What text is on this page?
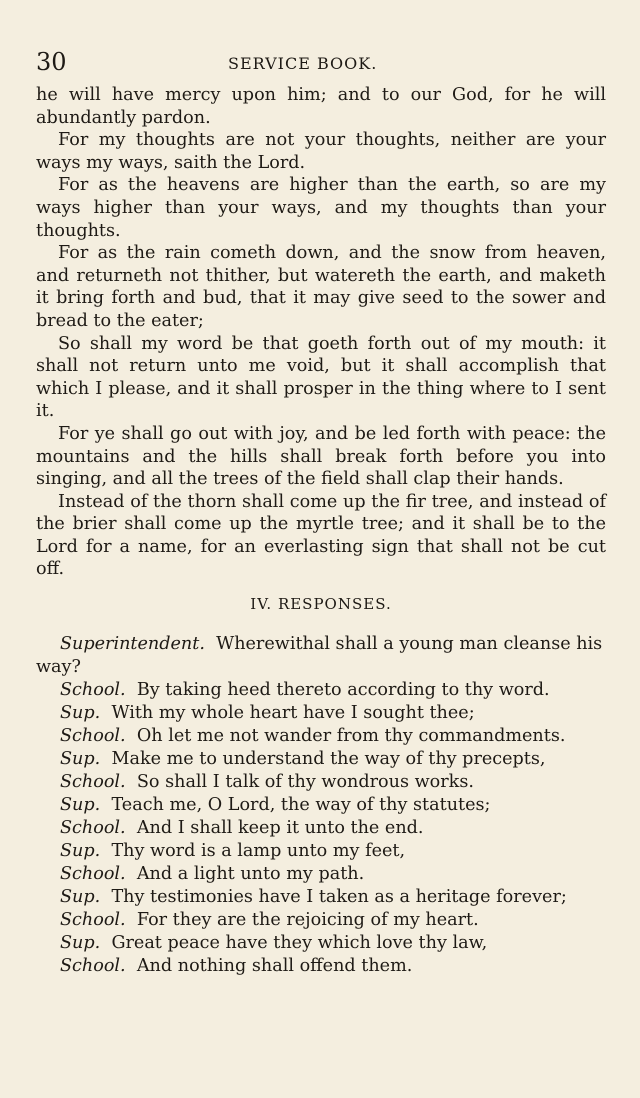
30	SERVICE BOOK.

he will have mercy upon him; and to our God, for he will abundantly pardon.

For my thoughts are not your thoughts, neither are your ways my ways, saith the Lord.

For as the heavens are higher than the earth, so are my ways higher than your ways, and my thoughts than your thoughts.

For as the rain cometh down, and the snow from heaven, and returneth not thither, but watereth the earth, and maketh it bring forth and bud, that it may give seed to the sower and bread to the eater;

So shall my word be that goeth forth out of my mouth: it shall not return unto me void, but it shall accomplish that which I please, and it shall prosper in the thing where to I sent it.

For ye shall go out with joy, and be led forth with peace: the mountains and the hills shall break forth before you into singing, and all the trees of the field shall clap their hands.

Instead of the thorn shall come up the fir tree, and instead of the brier shall come up the myrtle tree; and it shall be to the Lord for a name, for an everlasting sign that shall not be cut off.

IV. RESPONSES.

Superintendent. Wherewithal shall a young man cleanse his way?

School. By taking heed thereto according to thy word.

Sup. With my whole heart have I sought thee;

School. Oh let me not wander from thy commandments.

Sup. Make me to understand the way of thy precepts,

School. So shall I talk of thy wondrous works.

Sup. Teach me, O Lord, the way of thy statutes;

School. And I shall keep it unto the end.

Sup. Thy word is a lamp unto my feet,

School. And a light unto my path.

Sup. Thy testimonies have I taken as a heritage forever;

School. For they are the rejoicing of my heart.

Sup. Great peace have they which love thy law,

School. And nothing shall offend them.
